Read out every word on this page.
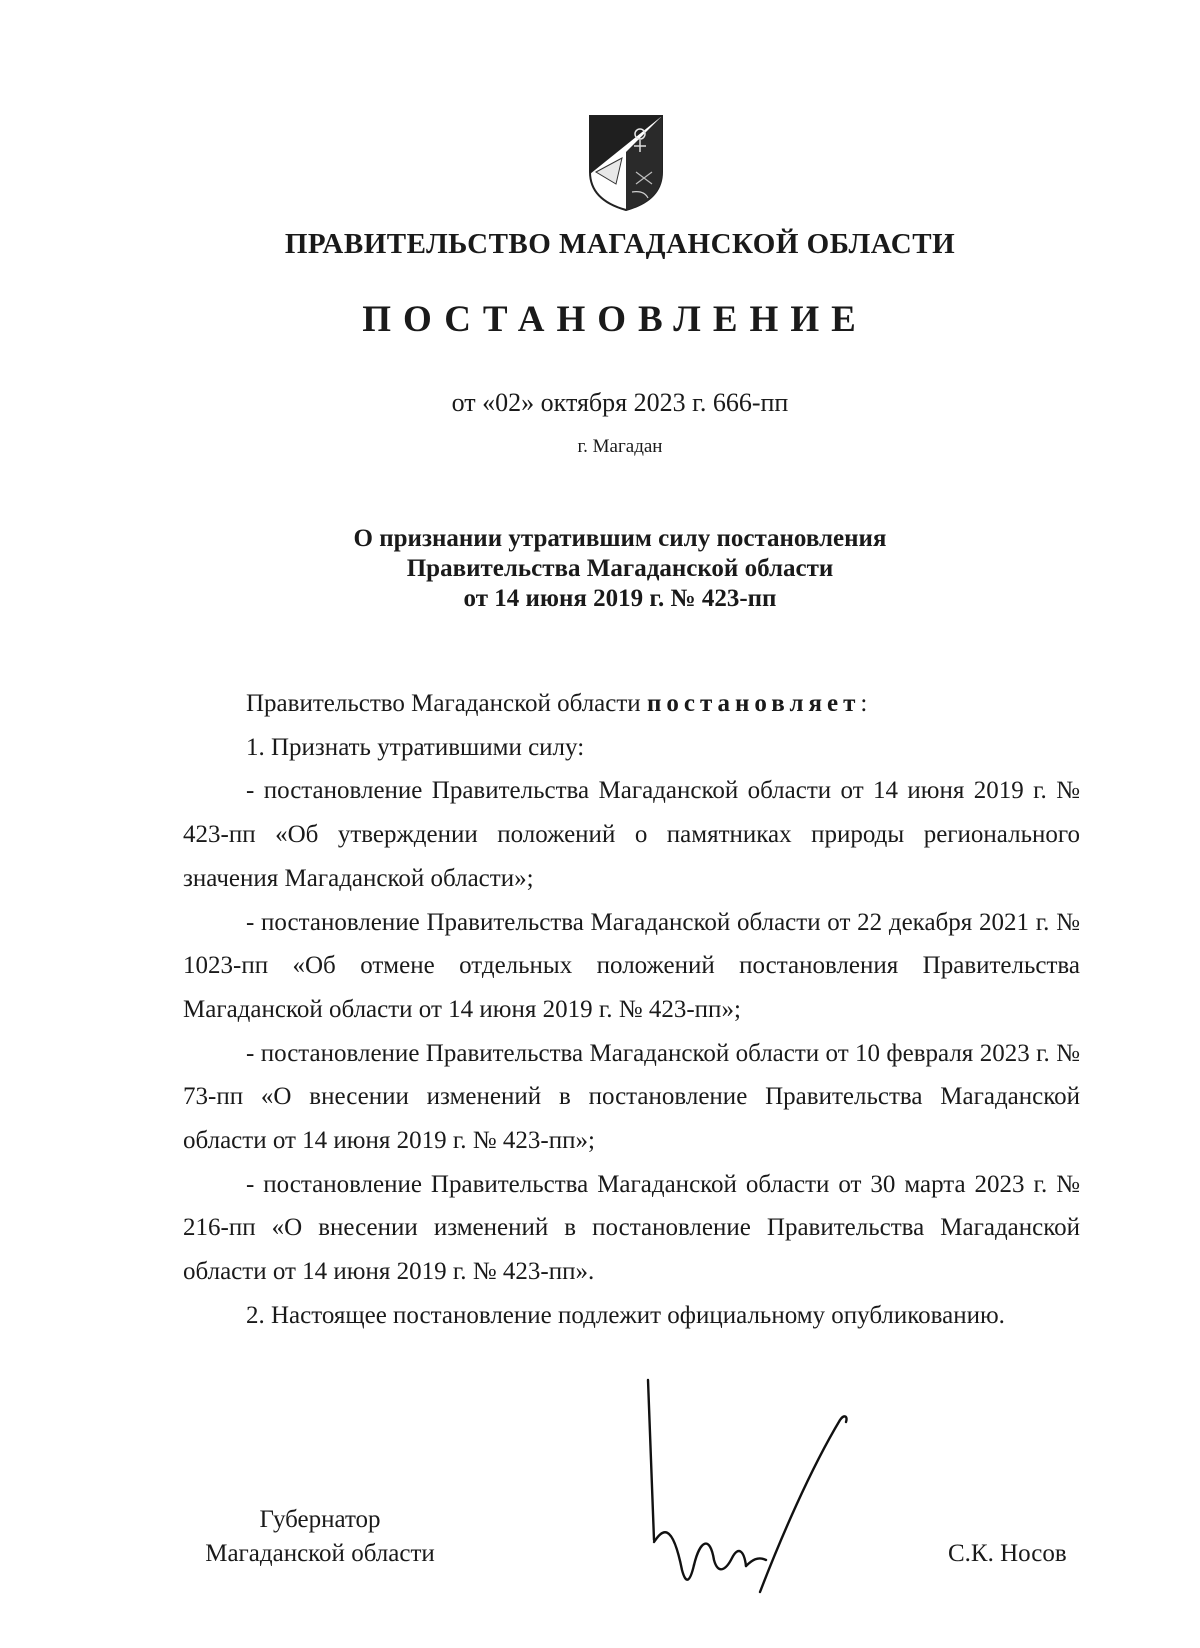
ПРАВИТЕЛЬСТВО МАГАДАНСКОЙ ОБЛАСТИ
ПОСТАНОВЛЕНИЕ
от «02» октября 2023 г. 666-пп
г. Магадан
О признании утратившим силу постановления
Правительства Магаданской области
от 14 июня 2019 г. № 423-пп

Правительство Магаданской области постановляет:

1. Признать утратившими силу:

- постановление Правительства Магаданской области от 14 июня 2019 г. № 423-пп «Об утверждении положений о памятниках природы регионального значения Магаданской области»;

- постановление Правительства Магаданской области от 22 декабря 2021 г. № 1023-пп «Об отмене отдельных положений постановления Правительства Магаданской области от 14 июня 2019 г. № 423-пп»;

- постановление Правительства Магаданской области от 10 февраля 2023 г. № 73-пп «О внесении изменений в постановление Правительства Магаданской области от 14 июня 2019 г. № 423-пп»;

- постановление Правительства Магаданской области от 30 марта 2023 г. № 216-пп «О внесении изменений в постановление Правительства Магаданской области от 14 июня 2019 г. № 423-пп».

2. Настоящее постановление подлежит официальному опубликованию.

Губернатор
Магаданской области	С.К. Носов
